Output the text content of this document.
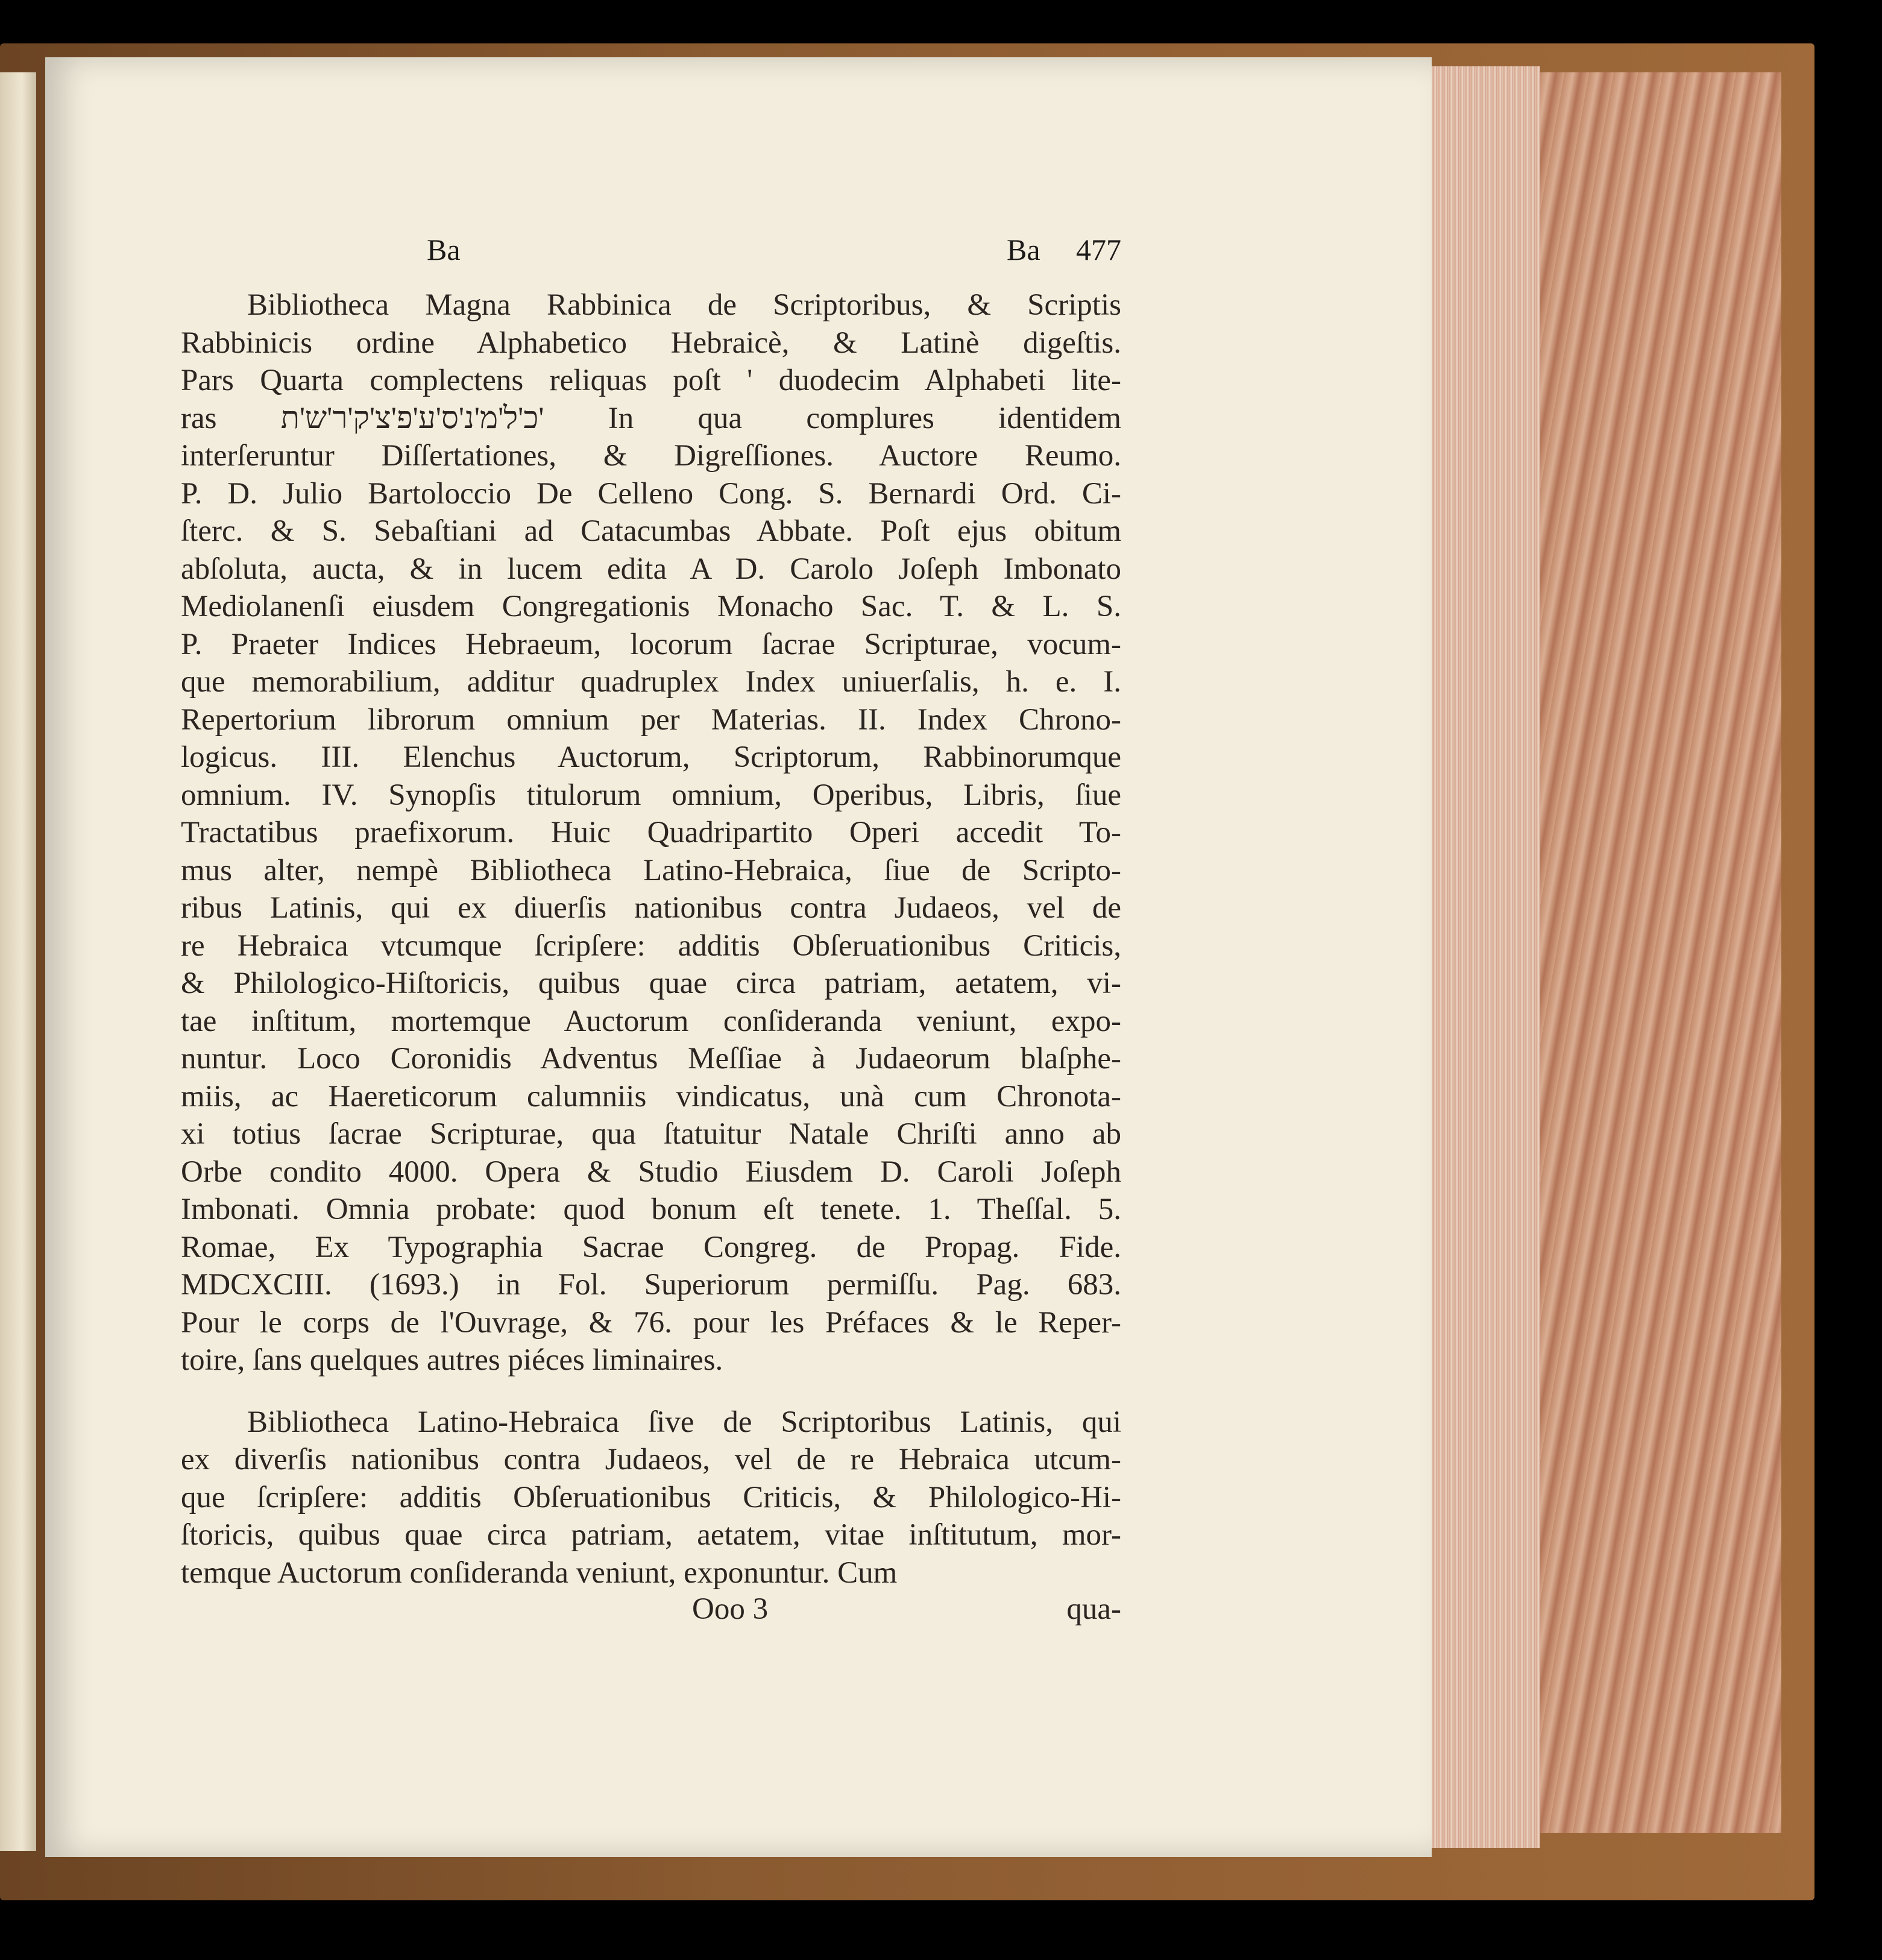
Ba	Ba 477
Bibliotheca Magna Rabbinica de Scriptoribus, & Scriptis
Rabbinicis ordine Alphabetico Hebraicè, & Latinè digeſtis.
Pars Quarta complectens reliquas poſt ' duodecim Alphabeti lite-
ras כ'ל'מ'נ'ס'ע'פ'צ'ק'ר'ש'ת' In qua complures identidem
interſeruntur Diſſertationes, & Digreſſiones. Auctore Reumo.
P. D. Julio Bartoloccio De Celleno Cong. S. Bernardi Ord. Ci-
ſterc. & S. Sebaſtiani ad Catacumbas Abbate. Poſt ejus obitum
abſoluta, aucta, & in lucem edita A D. Carolo Joſeph Imbonato
Mediolanenſi eiusdem Congregationis Monacho Sac. T. & L. S.
P. Praeter Indices Hebraeum, locorum ſacrae Scripturae, vocum-
que memorabilium, additur quadruplex Index uniuerſalis, h. e. I.
Repertorium librorum omnium per Materias. II. Index Chrono-
logicus. III. Elenchus Auctorum, Scriptorum, Rabbinorumque
omnium. IV. Synopſis titulorum omnium, Operibus, Libris, ſiue
Tractatibus praefixorum. Huic Quadripartito Operi accedit To-
mus alter, nempè Bibliotheca Latino-Hebraica, ſiue de Scripto-
ribus Latinis, qui ex diuerſis nationibus contra Judaeos, vel de
re Hebraica vtcumque ſcripſere: additis Obſeruationibus Criticis,
& Philologico-Hiſtoricis, quibus quae circa patriam, aetatem, vi-
tae inſtitum, mortemque Auctorum conſideranda veniunt, expo-
nuntur. Loco Coronidis Adventus Meſſiae à Judaeorum blaſphe-
miis, ac Haereticorum calumniis vindicatus, unà cum Chronota-
xi totius ſacrae Scripturae, qua ſtatuitur Natale Chriſti anno ab
Orbe condito 4000. Opera & Studio Eiusdem D. Caroli Joſeph
Imbonati. Omnia probate: quod bonum eſt tenete. 1. Theſſal. 5.
Romae, Ex Typographia Sacrae Congreg. de Propag. Fide.
MDCXCIII. (1693.) in Fol. Superiorum permiſſu. Pag. 683.
Pour le corps de l'Ouvrage, & 76. pour les Préfaces & le Reper-
toire, ſans quelques autres piéces liminaires.
Bibliotheca Latino-Hebraica ſive de Scriptoribus Latinis, qui
ex diverſis nationibus contra Judaeos, vel de re Hebraica utcum-
que ſcripſere: additis Obſeruationibus Criticis, & Philologico-Hi-
ſtoricis, quibus quae circa patriam, aetatem, vitae inſtitutum, mor-
temque Auctorum conſideranda veniunt, exponuntur. Cum
Ooo 3	qua-
